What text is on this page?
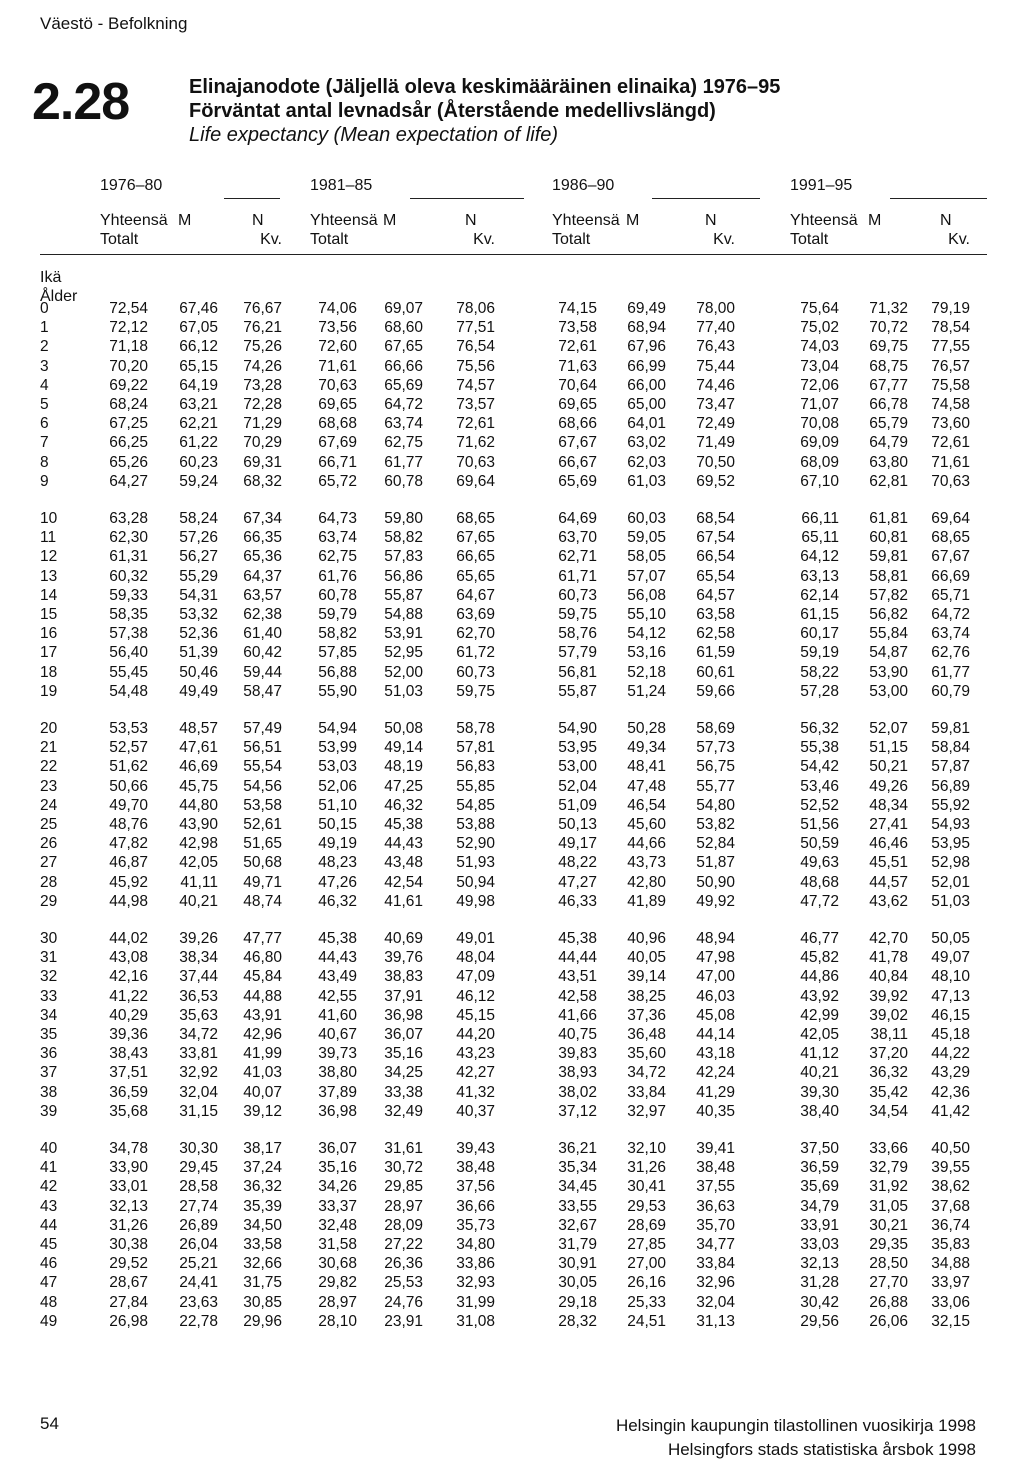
Väestö - Befolkning
2.28	Elinajanodote (Jäljellä oleva keskimääräinen elinaika) 1976–95
Förväntat antal levnadsår (Återstående medellivslängd)
Life expectancy (Mean expectation of life)
1976–80	1981–85	1986–90	1991–95
Yhteensä
Totalt
M	N
Kv.
Yhteensä
Totalt
M	N
Kv.
Yhteensä
Totalt
M	N
Kv.
Yhteensä
Totalt
M	N
Kv.
Ikä
Ålder
0	72,54	67,46	76,67	74,06	69,07	78,06	74,15	69,49	78,00	75,64	71,32	79,19
1	72,12	67,05	76,21	73,56	68,60	77,51	73,58	68,94	77,40	75,02	70,72	78,54
2	71,18	66,12	75,26	72,60	67,65	76,54	72,61	67,96	76,43	74,03	69,75	77,55
3	70,20	65,15	74,26	71,61	66,66	75,56	71,63	66,99	75,44	73,04	68,75	76,57
4	69,22	64,19	73,28	70,63	65,69	74,57	70,64	66,00	74,46	72,06	67,77	75,58
5	68,24	63,21	72,28	69,65	64,72	73,57	69,65	65,00	73,47	71,07	66,78	74,58
6	67,25	62,21	71,29	68,68	63,74	72,61	68,66	64,01	72,49	70,08	65,79	73,60
7	66,25	61,22	70,29	67,69	62,75	71,62	67,67	63,02	71,49	69,09	64,79	72,61
8	65,26	60,23	69,31	66,71	61,77	70,63	66,67	62,03	70,50	68,09	63,80	71,61
9	64,27	59,24	68,32	65,72	60,78	69,64	65,69	61,03	69,52	67,10	62,81	70,63
10	63,28	58,24	67,34	64,73	59,80	68,65	64,69	60,03	68,54	66,11	61,81	69,64
11	62,30	57,26	66,35	63,74	58,82	67,65	63,70	59,05	67,54	65,11	60,81	68,65
12	61,31	56,27	65,36	62,75	57,83	66,65	62,71	58,05	66,54	64,12	59,81	67,67
13	60,32	55,29	64,37	61,76	56,86	65,65	61,71	57,07	65,54	63,13	58,81	66,69
14	59,33	54,31	63,57	60,78	55,87	64,67	60,73	56,08	64,57	62,14	57,82	65,71
15	58,35	53,32	62,38	59,79	54,88	63,69	59,75	55,10	63,58	61,15	56,82	64,72
16	57,38	52,36	61,40	58,82	53,91	62,70	58,76	54,12	62,58	60,17	55,84	63,74
17	56,40	51,39	60,42	57,85	52,95	61,72	57,79	53,16	61,59	59,19	54,87	62,76
18	55,45	50,46	59,44	56,88	52,00	60,73	56,81	52,18	60,61	58,22	53,90	61,77
19	54,48	49,49	58,47	55,90	51,03	59,75	55,87	51,24	59,66	57,28	53,00	60,79
20	53,53	48,57	57,49	54,94	50,08	58,78	54,90	50,28	58,69	56,32	52,07	59,81
21	52,57	47,61	56,51	53,99	49,14	57,81	53,95	49,34	57,73	55,38	51,15	58,84
22	51,62	46,69	55,54	53,03	48,19	56,83	53,00	48,41	56,75	54,42	50,21	57,87
23	50,66	45,75	54,56	52,06	47,25	55,85	52,04	47,48	55,77	53,46	49,26	56,89
24	49,70	44,80	53,58	51,10	46,32	54,85	51,09	46,54	54,80	52,52	48,34	55,92
25	48,76	43,90	52,61	50,15	45,38	53,88	50,13	45,60	53,82	51,56	27,41	54,93
26	47,82	42,98	51,65	49,19	44,43	52,90	49,17	44,66	52,84	50,59	46,46	53,95
27	46,87	42,05	50,68	48,23	43,48	51,93	48,22	43,73	51,87	49,63	45,51	52,98
28	45,92	41,11	49,71	47,26	42,54	50,94	47,27	42,80	50,90	48,68	44,57	52,01
29	44,98	40,21	48,74	46,32	41,61	49,98	46,33	41,89	49,92	47,72	43,62	51,03
30	44,02	39,26	47,77	45,38	40,69	49,01	45,38	40,96	48,94	46,77	42,70	50,05
31	43,08	38,34	46,80	44,43	39,76	48,04	44,44	40,05	47,98	45,82	41,78	49,07
32	42,16	37,44	45,84	43,49	38,83	47,09	43,51	39,14	47,00	44,86	40,84	48,10
33	41,22	36,53	44,88	42,55	37,91	46,12	42,58	38,25	46,03	43,92	39,92	47,13
34	40,29	35,63	43,91	41,60	36,98	45,15	41,66	37,36	45,08	42,99	39,02	46,15
35	39,36	34,72	42,96	40,67	36,07	44,20	40,75	36,48	44,14	42,05	38,11	45,18
36	38,43	33,81	41,99	39,73	35,16	43,23	39,83	35,60	43,18	41,12	37,20	44,22
37	37,51	32,92	41,03	38,80	34,25	42,27	38,93	34,72	42,24	40,21	36,32	43,29
38	36,59	32,04	40,07	37,89	33,38	41,32	38,02	33,84	41,29	39,30	35,42	42,36
39	35,68	31,15	39,12	36,98	32,49	40,37	37,12	32,97	40,35	38,40	34,54	41,42
40	34,78	30,30	38,17	36,07	31,61	39,43	36,21	32,10	39,41	37,50	33,66	40,50
41	33,90	29,45	37,24	35,16	30,72	38,48	35,34	31,26	38,48	36,59	32,79	39,55
42	33,01	28,58	36,32	34,26	29,85	37,56	34,45	30,41	37,55	35,69	31,92	38,62
43	32,13	27,74	35,39	33,37	28,97	36,66	33,55	29,53	36,63	34,79	31,05	37,68
44	31,26	26,89	34,50	32,48	28,09	35,73	32,67	28,69	35,70	33,91	30,21	36,74
45	30,38	26,04	33,58	31,58	27,22	34,80	31,79	27,85	34,77	33,03	29,35	35,83
46	29,52	25,21	32,66	30,68	26,36	33,86	30,91	27,00	33,84	32,13	28,50	34,88
47	28,67	24,41	31,75	29,82	25,53	32,93	30,05	26,16	32,96	31,28	27,70	33,97
48	27,84	23,63	30,85	28,97	24,76	31,99	29,18	25,33	32,04	30,42	26,88	33,06
49	26,98	22,78	29,96	28,10	23,91	31,08	28,32	24,51	31,13	29,56	26,06	32,15
54	Helsingin kaupungin tilastollinen vuosikirja 1998
Helsingfors stads statistiska årsbok 1998
